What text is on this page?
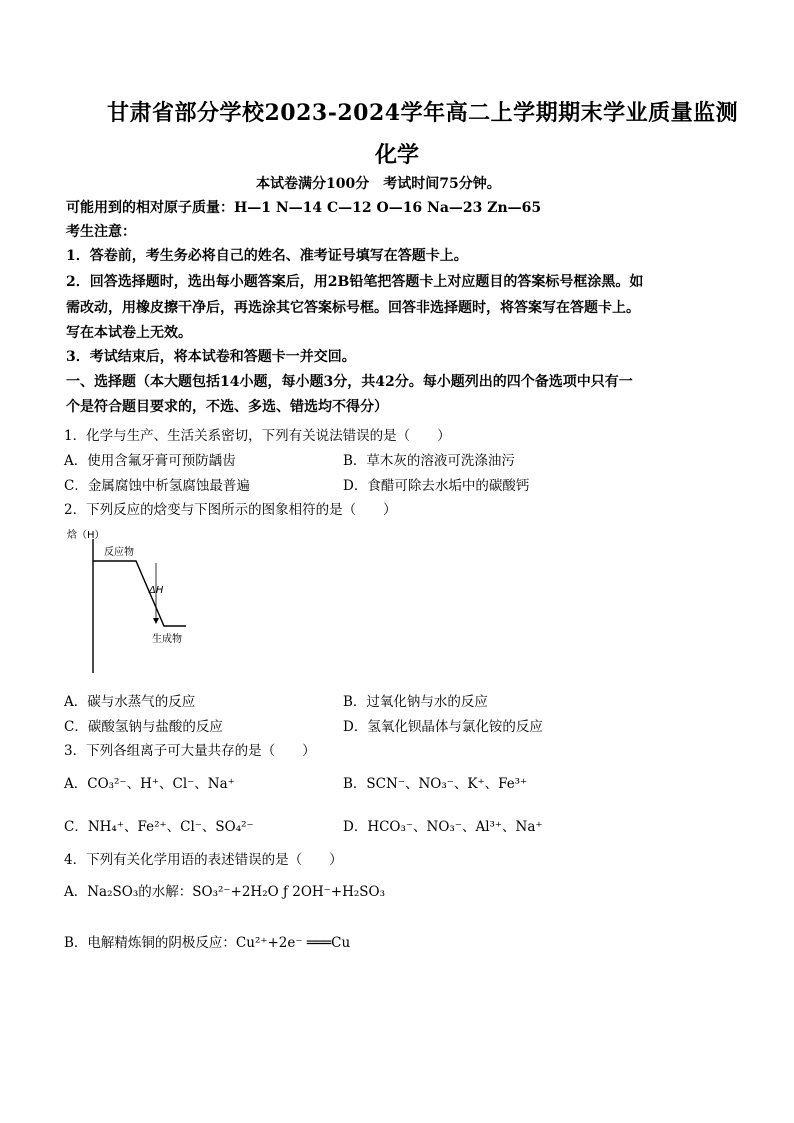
甘肃省部分学校2023-2024学年高二上学期期末学业质量监测
化学
本试卷满分100分　考试时间75分钟。
可能用到的相对原子质量：H—1 N—14 C—12 O—16 Na—23 Zn—65
考生注意：
1．答卷前，考生务必将自己的姓名、准考证号填写在答题卡上。
2．回答选择题时，选出每小题答案后，用2B铅笔把答题卡上对应题目的答案标号框涂黑。如
需改动，用橡皮擦干净后，再选涂其它答案标号框。回答非选择题时，将答案写在答题卡上。
写在本试卷上无效。
3．考试结束后，将本试卷和答题卡一并交回。
一、选择题（本大题包括14小题，每小题3分，共42分。每小题列出的四个备选项中只有一
个是符合题目要求的，不选、多选、错选均不得分）
1．化学与生产、生活关系密切，下列有关说法错误的是（　　）
A．使用含氟牙膏可预防龋齿	B．草木灰的溶液可洗涤油污
C．金属腐蚀中析氢腐蚀最普遍	D．食醋可除去水垢中的碳酸钙
2．下列反应的焓变与下图所示的图象相符的是（　　）
焓（H）
反应物
ΔH
生成物
A．碳与水蒸气的反应	B．过氧化钠与水的反应
C．碳酸氢钠与盐酸的反应	D．氢氧化钡晶体与氯化铵的反应
3．下列各组离子可大量共存的是（　　）
A．CO₃²⁻、H⁺、Cl⁻、Na⁺	B．SCN⁻、NO₃⁻、K⁺、Fe³⁺
C．NH₄⁺、Fe²⁺、Cl⁻、SO₄²⁻	D．HCO₃⁻、NO₃⁻、Al³⁺、Na⁺
4．下列有关化学用语的表述错误的是（　　）
A．Na₂SO₃的水解：SO₃²⁻+2H₂O ƒ 2OH⁻+H₂SO₃
B．电解精炼铜的阴极反应：Cu²⁺+2e⁻ ═══Cu
